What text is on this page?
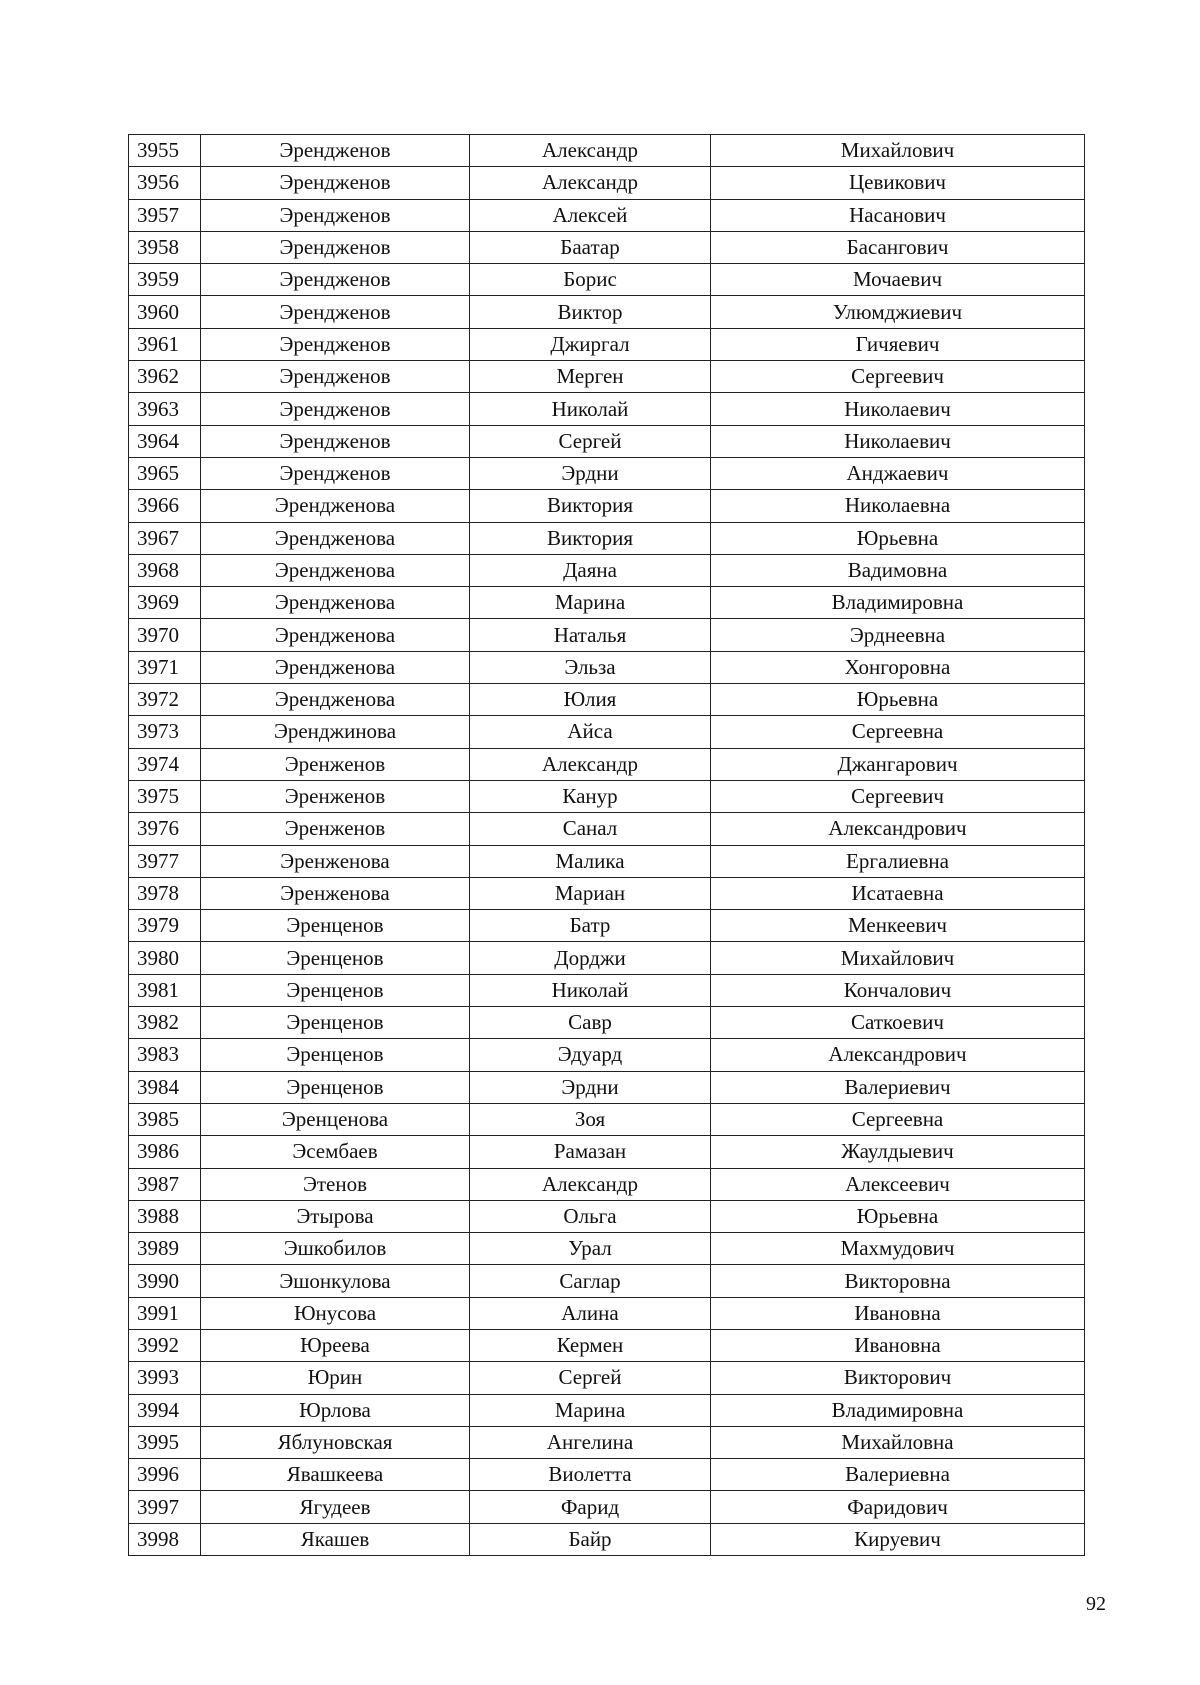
3955	Эренджeнов	Александр	Михайлович
3956	Эренджeнов	Александр	Цевикович
3957	Эренджeнов	Алексей	Насанович
3958	Эренджeнов	Баатар	Басангович
3959	Эренджeнов	Борис	Мочаевич
3960	Эренджeнов	Виктор	Улюмджиевич
3961	Эренджeнов	Джиргал	Гичяевич
3962	Эренджeнов	Мерген	Сергеевич
3963	Эренджeнов	Николай	Николаевич
3964	Эренджeнов	Сергей	Николаевич
3965	Эренджeнов	Эрдни	Анджаевич
3966	Эренджeнова	Виктория	Николаевна
3967	Эренджeнова	Виктория	Юрьевна
3968	Эренджeнова	Даяна	Вадимовна
3969	Эренджeнова	Марина	Владимировна
3970	Эренджeнова	Наталья	Эрднеевна
3971	Эренджeнова	Эльза	Хонгоровна
3972	Эренджeнова	Юлия	Юрьевна
3973	Эренджинова	Айса	Сергеевна
3974	Эренжeнов	Александр	Джангарович
3975	Эренжeнов	Канур	Сергеевич
3976	Эренжeнов	Санал	Александрович
3977	Эренжeнова	Малика	Ергалиевна
3978	Эренжeнова	Мариан	Исатаевна
3979	Эренценов	Батр	Менкеевич
3980	Эренценов	Дорджи	Михайлович
3981	Эренценов	Николай	Кончалович
3982	Эренценов	Савр	Саткоевич
3983	Эренценов	Эдуард	Александрович
3984	Эренценов	Эрдни	Валериевич
3985	Эренценова	Зоя	Сергеевна
3986	Эсембаев	Рамазан	Жаулдыевич
3987	Этенов	Александр	Алексеевич
3988	Этырова	Ольга	Юрьевна
3989	Эшкобилов	Урал	Махмудович
3990	Эшонкулова	Саглар	Викторовна
3991	Юнусова	Алина	Ивановна
3992	Юреева	Кермен	Ивановна
3993	Юрин	Сергей	Викторович
3994	Юрлова	Марина	Владимировна
3995	Яблуновская	Ангелина	Михайловна
3996	Явашкеева	Виолетта	Валериевна
3997	Ягудеев	Фарид	Фаридович
3998	Якашев	Байр	Кируевич
92
